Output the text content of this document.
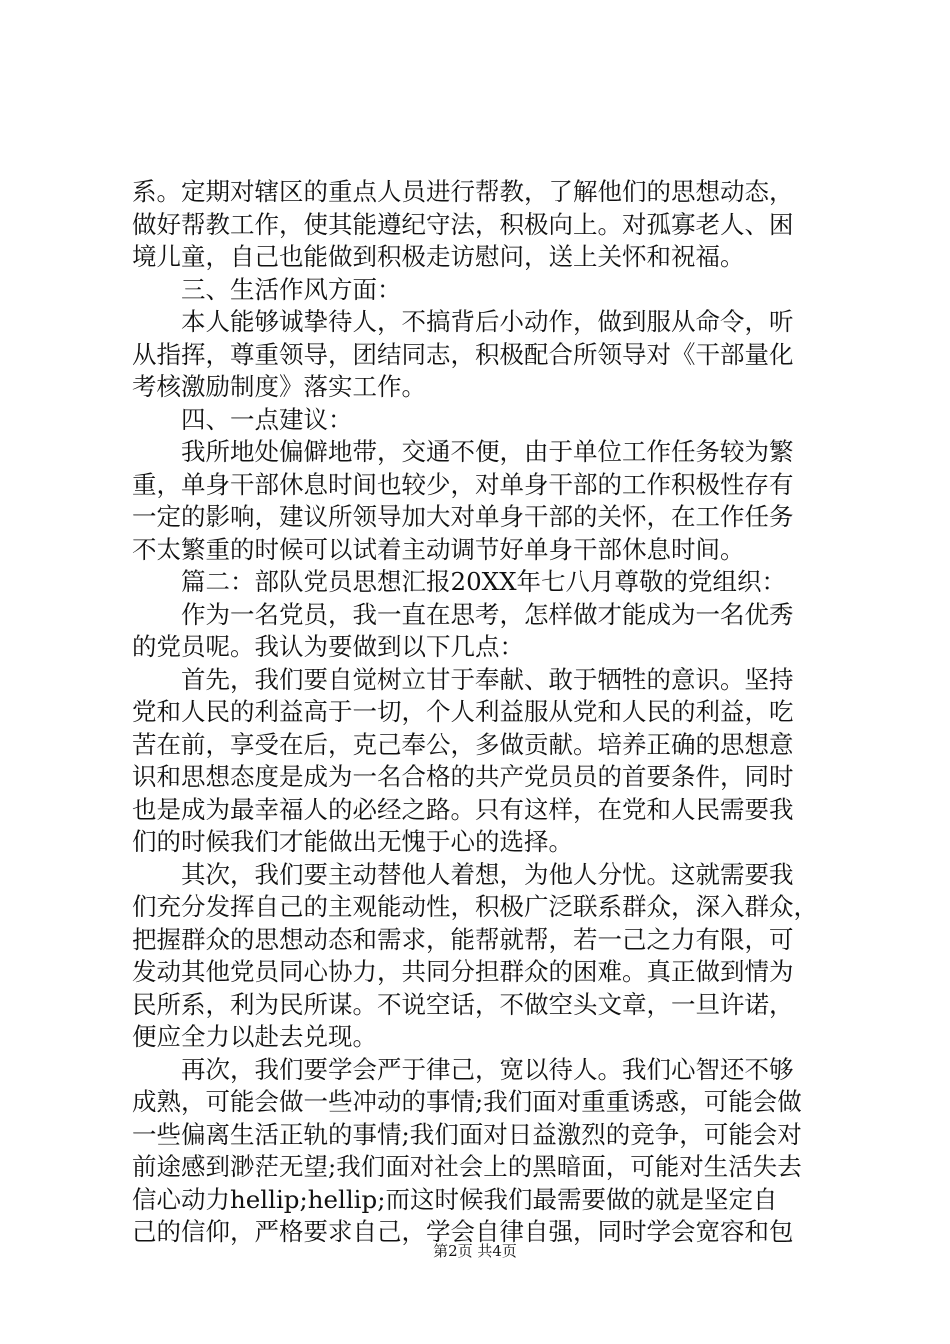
系。定期对辖区的重点人员进行帮教，了解他们的思想动态，
做好帮教工作，使其能遵纪守法，积极向上。对孤寡老人、困
境儿童，自己也能做到积极走访慰问，送上关怀和祝福。
　　三、生活作风方面：
　　本人能够诚挚待人，不搞背后小动作，做到服从命令，听
从指挥，尊重领导，团结同志，积极配合所领导对《干部量化
考核激励制度》落实工作。
　　四、一点建议：
　　我所地处偏僻地带，交通不便，由于单位工作任务较为繁
重，单身干部休息时间也较少，对单身干部的工作积极性存有
一定的影响，建议所领导加大对单身干部的关怀，在工作任务
不太繁重的时候可以试着主动调节好单身干部休息时间。
　　篇二：部队党员思想汇报20XX年七八月尊敬的党组织：
　　作为一名党员，我一直在思考，怎样做才能成为一名优秀
的党员呢。我认为要做到以下几点：
　　首先，我们要自觉树立甘于奉献、敢于牺牲的意识。坚持
党和人民的利益高于一切，个人利益服从党和人民的利益，吃
苦在前，享受在后，克己奉公，多做贡献。培养正确的思想意
识和思想态度是成为一名合格的共产党员员的首要条件，同时
也是成为最幸福人的必经之路。只有这样，在党和人民需要我
们的时候我们才能做出无愧于心的选择。
　　其次，我们要主动替他人着想，为他人分忧。这就需要我
们充分发挥自己的主观能动性，积极广泛联系群众，深入群众，
把握群众的思想动态和需求，能帮就帮，若一己之力有限，可
发动其他党员同心协力，共同分担群众的困难。真正做到情为
民所系，利为民所谋。不说空话，不做空头文章，一旦许诺，
便应全力以赴去兑现。
　　再次，我们要学会严于律己，宽以待人。我们心智还不够
成熟，可能会做一些冲动的事情;我们面对重重诱惑，可能会做
一些偏离生活正轨的事情;我们面对日益激烈的竞争，可能会对
前途感到渺茫无望;我们面对社会上的黑暗面，可能对生活失去
信心动力hellip;hellip;而这时候我们最需要做的就是坚定自
己的信仰，严格要求自己，学会自律自强，同时学会宽容和包
第2页 共4页
